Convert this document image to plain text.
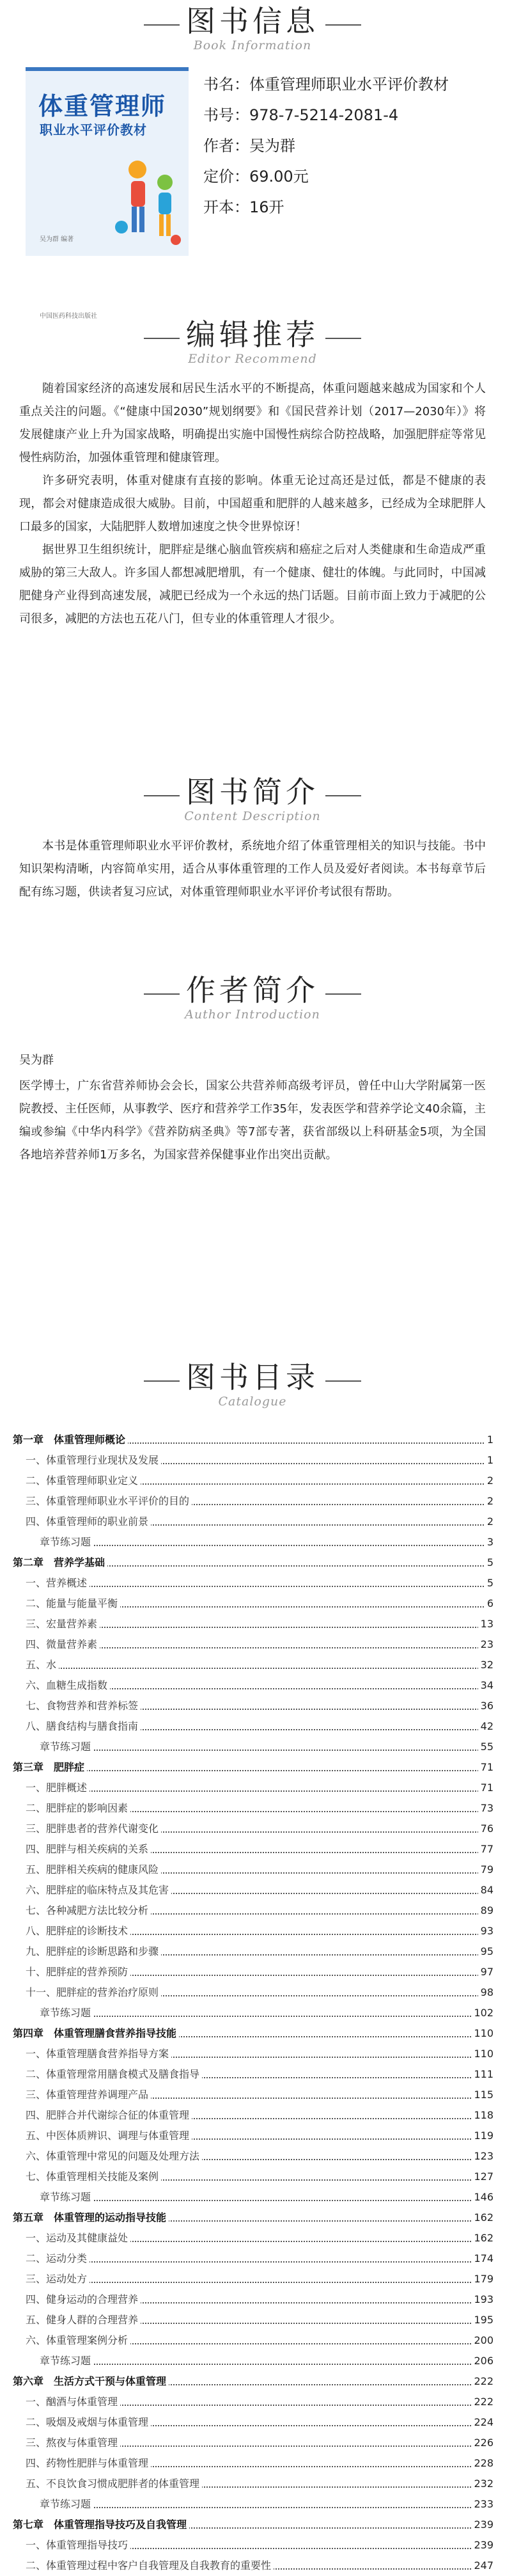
图书信息
Book Information
体重管理师
职业水平评价教材
吴为群 编著
中国医药科技出版社
书名：体重管理师职业水平评价教材
书号：978-7-5214-2081-4
作者：吴为群
定价：69.00元
开本：16开
编辑推荐
Editor Recommend

随着国家经济的高速发展和居民生活水平的不断提高，体重问题越来越成为国家和个人重点关注的问题。《“健康中国2030”规划纲要》和《国民营养计划（2017—2030年）》将发展健康产业上升为国家战略，明确提出实施中国慢性病综合防控战略，加强肥胖症等常见慢性病防治，加强体重管理和健康管理。

许多研究表明，体重对健康有直接的影响。体重无论过高还是过低，都是不健康的表现，都会对健康造成很大威胁。目前，中国超重和肥胖的人越来越多，已经成为全球肥胖人口最多的国家，大陆肥胖人数增加速度之快令世界惊讶！

据世界卫生组织统计，肥胖症是继心脑血管疾病和癌症之后对人类健康和生命造成严重威胁的第三大敌人。许多国人都想减肥增肌，有一个健康、健壮的体魄。与此同时，中国减肥健身产业得到高速发展，减肥已经成为一个永远的热门话题。目前市面上致力于减肥的公司很多，减肥的方法也五花八门，但专业的体重管理人才很少。

图书简介
Content Description

本书是体重管理师职业水平评价教材，系统地介绍了体重管理相关的知识与技能。书中知识架构清晰，内容简单实用，适合从事体重管理的工作人员及爱好者阅读。本书每章节后配有练习题，供读者复习应试，对体重管理师职业水平评价考试很有帮助。

作者简介
Author Introduction
吴为群
医学博士，广东省营养师协会会长，国家公共营养师高级考评员，曾任中山大学附属第一医院教授、主任医师，从事教学、医疗和营养学工作35年，发表医学和营养学论文40余篇，主编或参编《中华内科学》《营养防病圣典》等7部专著，获省部级以上科研基金5项，为全国各地培养营养师1万多名，为国家营养保健事业作出突出贡献。
图书目录
Catalogue
第一章　体重管理师概论	1
一、体重管理行业现状及发展	1
二、体重管理师职业定义	2
三、体重管理师职业水平评价的目的	2
四、体重管理师的职业前景	2
章节练习题	3
第二章　营养学基础	5
一、营养概述	5
二、能量与能量平衡	6
三、宏量营养素	13
四、微量营养素	23
五、水	32
六、血糖生成指数	34
七、食物营养和营养标签	36
八、膳食结构与膳食指南	42
章节练习题	55
第三章　肥胖症	71
一、肥胖概述	71
二、肥胖症的影响因素	73
三、肥胖患者的营养代谢变化	76
四、肥胖与相关疾病的关系	77
五、肥胖相关疾病的健康风险	79
六、肥胖症的临床特点及其危害	84
七、各种减肥方法比较分析	89
八、肥胖症的诊断技术	93
九、肥胖症的诊断思路和步骤	95
十、肥胖症的营养预防	97
十一、肥胖症的营养治疗原则	98
章节练习题	102
第四章　体重管理膳食营养指导技能	110
一、体重管理膳食营养指导方案	110
二、体重管理常用膳食模式及膳食指导	111
三、体重管理营养调理产品	115
四、肥胖合并代谢综合征的体重管理	118
五、中医体质辨识、调理与体重管理	119
六、体重管理中常见的问题及处理方法	123
七、体重管理相关技能及案例	127
章节练习题	146
第五章　体重管理的运动指导技能	162
一、运动及其健康益处	162
二、运动分类	174
三、运动处方	179
四、健身运动的合理营养	193
五、健身人群的合理营养	195
六、体重管理案例分析	200
章节练习题	206
第六章　生活方式干预与体重管理	222
一、酗酒与体重管理	222
二、吸烟及戒烟与体重管理	224
三、熬夜与体重管理	226
四、药物性肥胖与体重管理	228
五、不良饮食习惯成肥胖者的体重管理	232
章节练习题	233
第七章　体重管理指导技巧及自我管理	239
一、体重管理指导技巧	239
二、体重管理过程中客户自我管理及自我教育的重要性	247
